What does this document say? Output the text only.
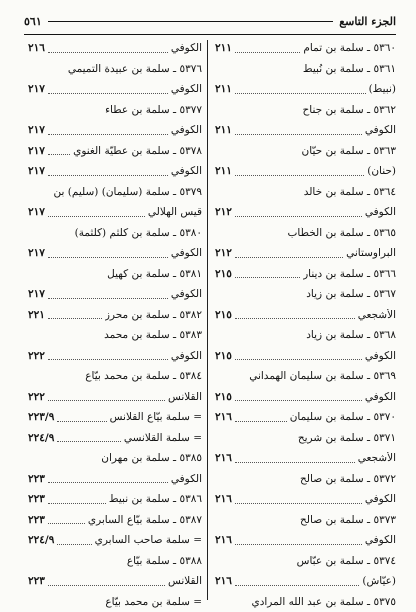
الجزء التاسع
٥٦١
٥٣٦٠ ـ سلمة بن تمام
٢١١
٥٣٦١ ـ سلمة بن نُبيط
(نبيط)
٢١١
٥٣٦٢ ـ سلمة بن جناح
الكوفي
٢١١
٥٣٦٣ ـ سلمة بن حيّان
(حنان)
٢١١
٥٣٦٤ ـ سلمة بن خالد
الكوفي
٢١٢
٥٣٦٥ ـ سلمة بن الخطّاب
البراوستاني
٢١٢
٥٣٦٦ ـ سلمة بن دينار
٢١٥
٥٣٦٧ ـ سلمة بن زياد
الأشجعي
٢١٥
٥٣٦٨ ـ سلمة بن زياد
الكوفي
٢١٥
٥٣٦٩ ـ سلمة بن سليمان الهمداني
الكوفي
٢١٥
٥٣٧٠ ـ سلمة بن سليمان
٢١٦
٥٣٧١ ـ سلمة بن شريح
الأشجعي
٢١٦
٥٣٧٢ ـ سلمة بن صالح
الكوفي
٢١٦
٥٣٧٣ ـ سلمة بن صالح
الكوفي
٢١٦
٥٣٧٤ ـ سلمة بن عبّاس
(عيّاش)
٢١٦
٥٣٧٥ ـ سلمة بن عبد الله المرادي
الكوفي
٢١٦
٥٣٧٦ ـ سلمة بن عبيدة التميمي
الكوفي
٢١٧
٥٣٧٧ ـ سلمة بن عطاء
الكوفي
٢١٧
٥٣٧٨ ـ سلمة بن عطيّة الغنوي
٢١٧
الكوفي
٢١٧
٥٣٧٩ ـ سلمة (سليمان) (سليم) بن
قيس الهلالي
٢١٧
٥٣٨٠ ـ سلمة بن كلثم (كلثمة)
الكوفي
٢١٧
٥٣٨١ ـ سلمة بن كهيل
الكوفي
٢١٧
٥٣٨٢ ـ سلمة بن محرز
٢٢١
٥٣٨٣ ـ سلمة بن محمد
الكوفي
٢٢٢
٥٣٨٤ ـ سلمة بن محمد بيّاع
القلانس
٢٢٢
= سلمة بيّاع القلانس
٢٢٣/٩
= سلمة القلانسي
٢٢٤/٩
٥٣٨٥ ـ سلمة بن مهران
الكوفي
٢٢٣
٥٣٨٦ ـ سلمة بن نبيط
٢٢٣
٥٣٨٧ ـ سلمة بيّاع السابري
٢٢٣
= سلمة صاحب السابري
٢٢٤/٩
٥٣٨٨ ـ سلمة بيّاع
القلانس
٢٢٣
= سلمة بن محمد بيّاع
